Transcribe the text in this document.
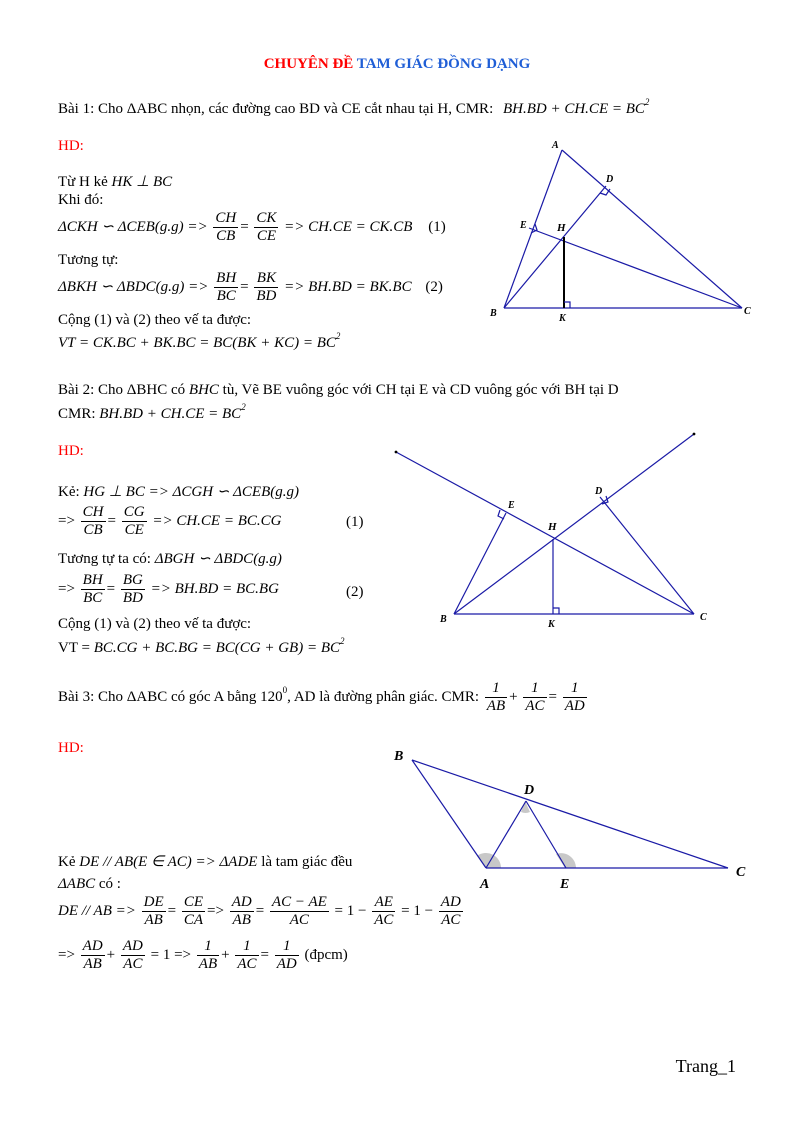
CHUYÊN ĐỀ TAM GIÁC ĐỒNG DẠNG
Bài 1: Cho ΔABC nhọn, các đường cao BD và CE cắt nhau tại H, CMR: $BH.BD + CH.CE = BC^2$
HD:
Từ H kẻ HK ⊥ BC
Khi đó:
ΔCKH ∽ $\Delta CEB(g.g) => \frac{CH}{CB} = \frac{CK}{CE} => CH.CE = CK.CB$ (1)
Tương tự:
ΔBKH ∽ $\Delta BDC(g.g) => \frac{BH}{BC} = \frac{BK}{BD} => BH.BD = BK.BC$ (2)
Cộng (1) và (2) theo vế ta được:
VT = $CK.BC + BK.BC = BC(BK + KC) = BC^2$
A
D
E	H
B	K
C
Bài 2: Cho ΔBHC có BHC tù, Vẽ BE vuông góc với CH tại E và CD vuông góc với BH tại D
CMR: $BH.BD + CH.CE = BC^2$
HD:
Kẻ: HG ⊥ BC => ΔCGH ∽ ΔCEB(g.g)
=> $\frac{CH}{CB} = \frac{CG}{CE} => CH.CE = BC.CG$	(1)
Tương tự ta có: ΔBGH ∽ ΔBDC(g.g)
=> $\frac{BH}{BC} = \frac{BG}{BD} => BH.BD = BC.BG$	(2)
Cộng (1) và (2) theo vế ta được:
VT = $BC.CG + BC.BG = BC(CG + GB) = BC^2$
E
D
H
B	K
C
Bài 3: Cho ΔABC có góc A bằng $120^0$, AD là đường phân giác. CMR: $\frac{1}{AB} + \frac{1}{AC} = \frac{1}{AD}$
HD:
Kẻ DE // AB(E ∈ AC) => ΔADE là tam giác đều
ΔABC có :
DE // AB => $\frac{DE}{AB} = \frac{CE}{CA} => \frac{AD}{AB} = \frac{AC - AE}{AC} = 1 - \frac{AE}{AC} = 1 - \frac{AD}{AC}$
=> $\frac{AD}{AB} + \frac{AD}{AC} = 1 => \frac{1}{AB} + \frac{1}{AC} = \frac{1}{AD}$ (đpcm)
B
D
A	E
C
Trang_1
